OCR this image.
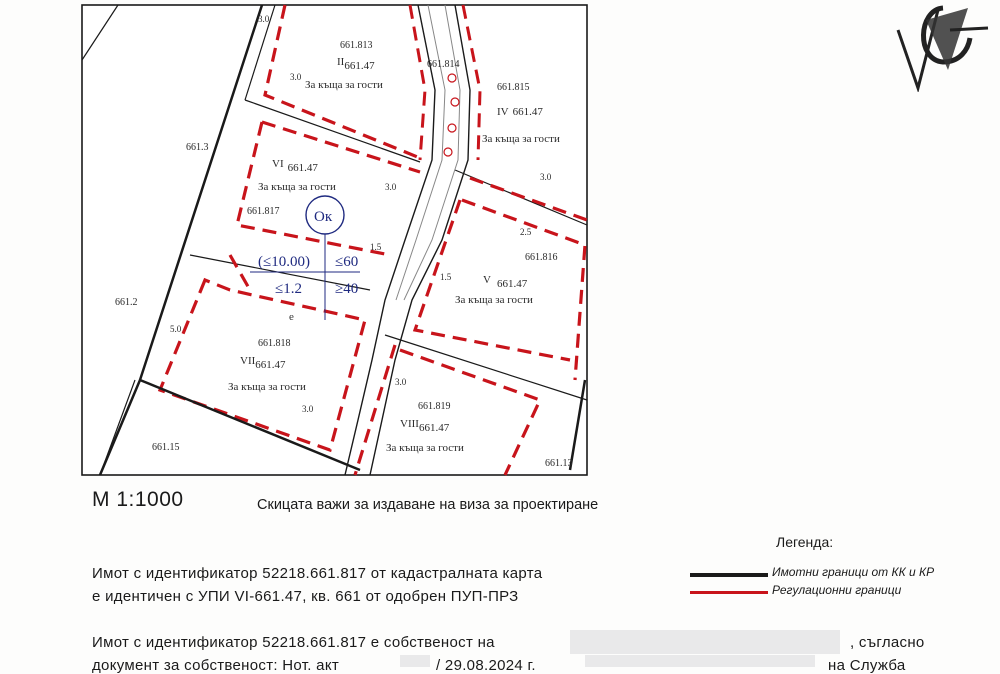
3.0
3.0
3.0
3.0
1.5
1.5
3.0
3.0
5.0
2.5
661.813
II661.47
За къща за гости
661.814
661.815
IV 661.47
За къща за гости
661.3
VI 661.47
За къща за гости
661.817 Ок
(≤10.00) ≤60
≤1.2 ≥40
e
661.816
V 661.47
За къща за гости
661.2
661.818
VII661.47
За къща за гости
661.819
VIII661.47
За къща за гости
661.15
661.13
M 1:1000	Скицата важи за издаване на виза за проектиране
Легенда:
Имотни граници от КК и КР
Регулационни граници
Имот с идентификатор 52218.661.817 от кадастралната карта
е идентичен с УПИ VI-661.47, кв. 661 от одобрен ПУП-ПРЗ
Имот с идентификатор 52218.661.817 е собственост на	, съгласно
документ за собственост: Нот. акт	/ 29.08.2024 г.	на Служба
